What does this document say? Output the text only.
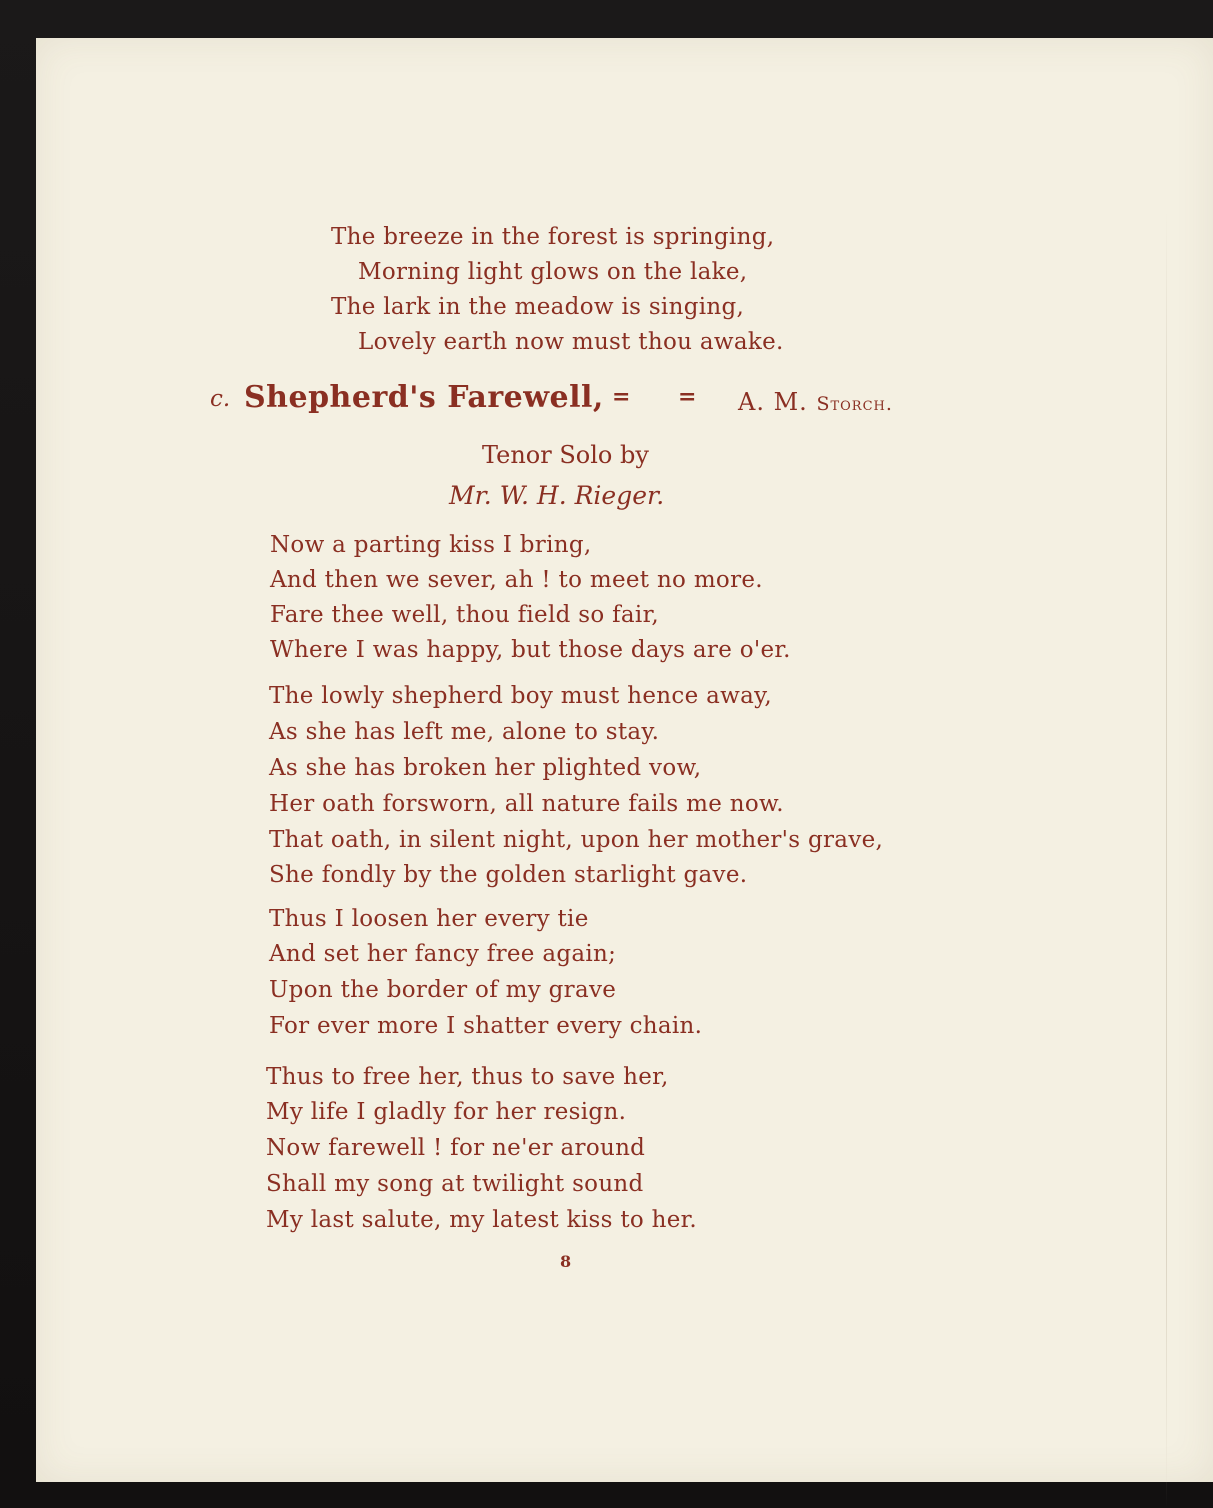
The breeze in the forest is springing,
Morning light glows on the lake,
The lark in the meadow is singing,
Lovely earth now must thou awake.
c. Shepherd's Farewell, = = A. M. Storch.
Tenor Solo by
Mr. W. H. Rieger.
Now a parting kiss I bring,
And then we sever, ah ! to meet no more.
Fare thee well, thou field so fair,
Where I was happy, but those days are o'er.
The lowly shepherd boy must hence away,
As she has left me, alone to stay.
As she has broken her plighted vow,
Her oath forsworn, all nature fails me now.
That oath, in silent night, upon her mother's grave,
She fondly by the golden starlight gave.
Thus I loosen her every tie
And set her fancy free again;
Upon the border of my grave
For ever more I shatter every chain.
Thus to free her, thus to save her,
My life I gladly for her resign.
Now farewell ! for ne'er around
Shall my song at twilight sound
My last salute, my latest kiss to her.
8
